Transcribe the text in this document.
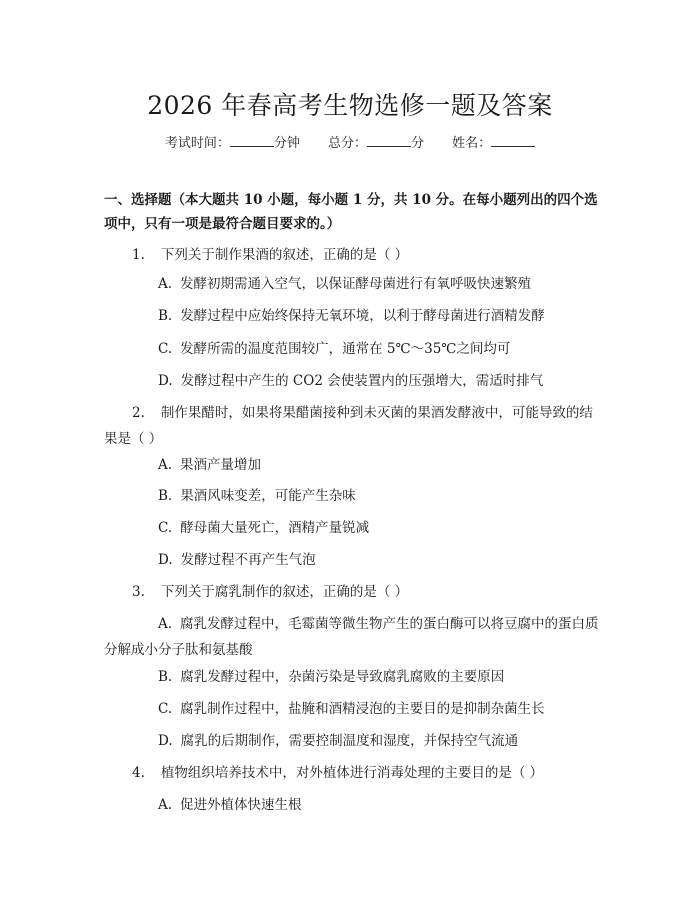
2026 年春高考生物选修一题及答案
考试时间：	分钟 总分：	分 姓名：
一、选择题（本大题共 10 小题，每小题 1 分，共 10 分。在每小题列出的四个选项中，只有一项是最符合题目要求的。）
1. 下列关于制作果酒的叙述，正确的是（ ）
A. 发酵初期需通入空气，以保证酵母菌进行有氧呼吸快速繁殖
B. 发酵过程中应始终保持无氧环境，以利于酵母菌进行酒精发酵
C. 发酵所需的温度范围较广，通常在 5℃～35℃之间均可
D. 发酵过程中产生的 CO2 会使装置内的压强增大，需适时排气
2. 制作果醋时，如果将果醋菌接种到未灭菌的果酒发酵液中，可能导致的结果是（ ）
A. 果酒产量增加
B. 果酒风味变差，可能产生杂味
C. 酵母菌大量死亡，酒精产量锐减
D. 发酵过程不再产生气泡
3. 下列关于腐乳制作的叙述，正确的是（ ）
A. 腐乳发酵过程中，毛霉菌等微生物产生的蛋白酶可以将豆腐中的蛋白质分解成小分子肽和氨基酸
B. 腐乳发酵过程中，杂菌污染是导致腐乳腐败的主要原因
C. 腐乳制作过程中，盐腌和酒精浸泡的主要目的是抑制杂菌生长
D. 腐乳的后期制作，需要控制温度和湿度，并保持空气流通
4. 植物组织培养技术中，对外植体进行消毒处理的主要目的是（ ）
A. 促进外植体快速生根
